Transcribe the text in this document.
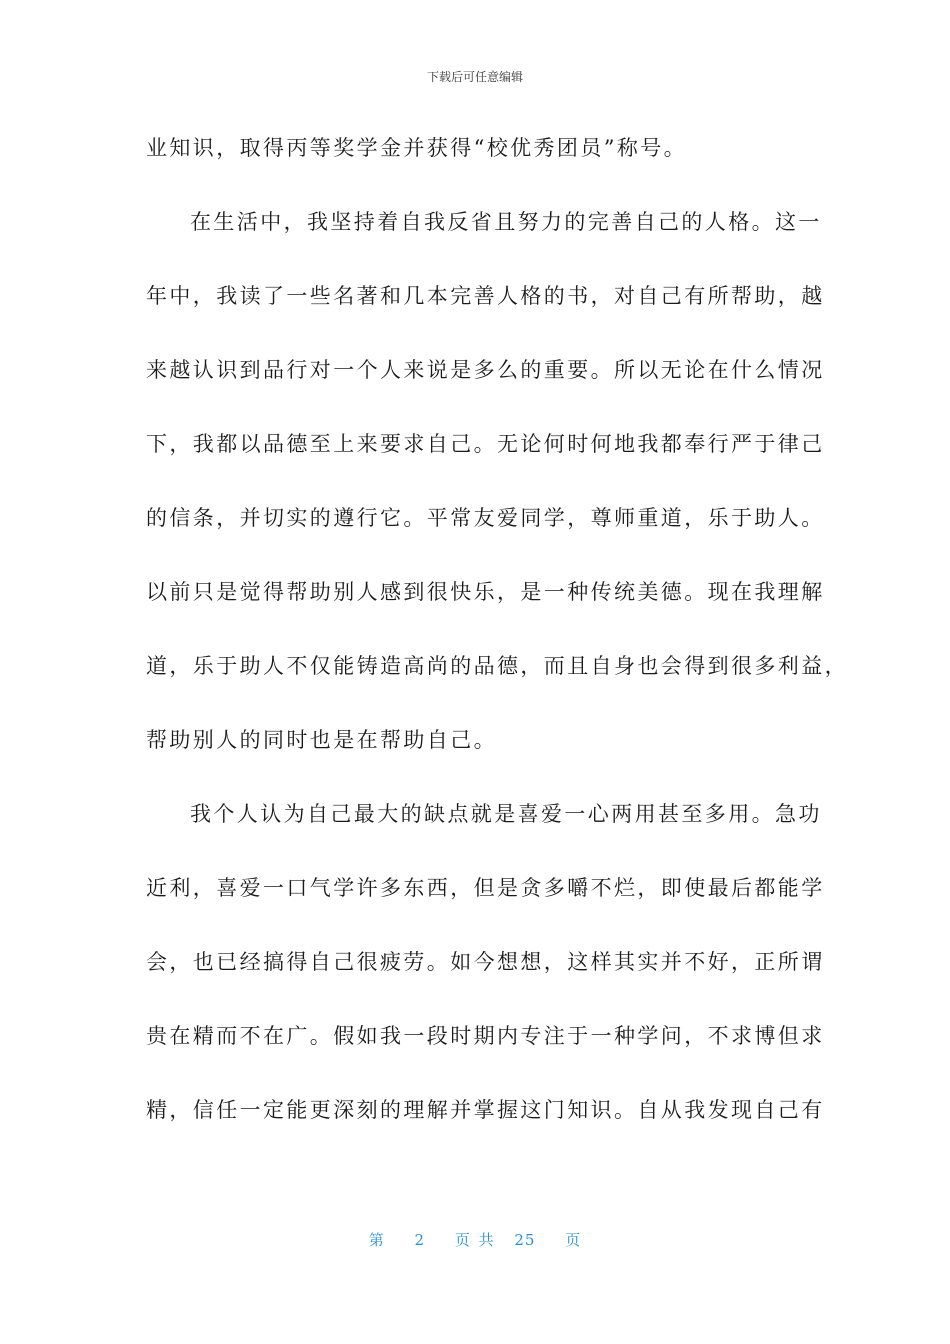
下载后可任意编辑
业知识，取得丙等奖学金并获得“校优秀团员”称号。
在生活中，我坚持着自我反省且努力的完善自己的人格。这一
年中，我读了一些名著和几本完善人格的书，对自己有所帮助，越
来越认识到品行对一个人来说是多么的重要。所以无论在什么情况
下，我都以品德至上来要求自己。无论何时何地我都奉行严于律己
的信条，并切实的遵行它。平常友爱同学，尊师重道，乐于助人。
以前只是觉得帮助别人感到很快乐，是一种传统美德。现在我理解
道，乐于助人不仅能铸造高尚的品德，而且自身也会得到很多利益，
帮助别人的同时也是在帮助自己。
我个人认为自己最大的缺点就是喜爱一心两用甚至多用。急功
近利，喜爱一口气学许多东西，但是贪多嚼不烂，即使最后都能学
会，也已经搞得自己很疲劳。如今想想，这样其实并不好，正所谓
贵在精而不在广。假如我一段时期内专注于一种学问，不求博但求
精，信任一定能更深刻的理解并掌握这门知识。自从我发现自己有
第 2 页 共 25 页
